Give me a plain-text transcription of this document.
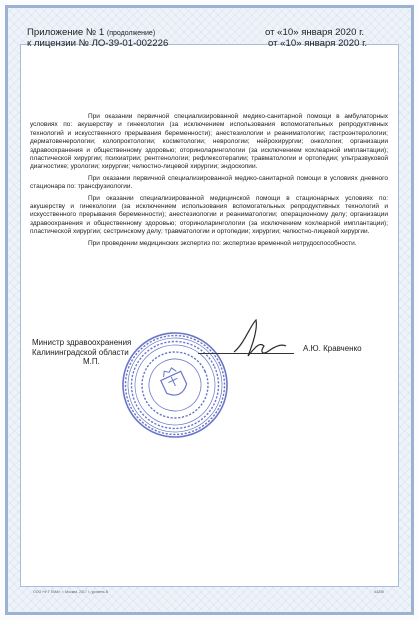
Приложение № 1 (продолжение)
к лицензии № ЛО-39-01-002226
от «10» января 2020 г.
от «10» января 2020 г.

При оказании первичной специализированной медико-санитарной помощи в амбулаторных условиях по: акушерству и гинекологии (за исключением использования вспомогательных репродуктивных технологий и искусственного прерывания беременности); анестезиологии и реаниматологии; гастроэнтерологии; дерматовенерологии; колопроктологии; косметологии; неврологии; нейрохирургии; онкологии; организации здравоохранения и общественному здоровью; оториноларингологии (за исключением кохлеарной имплантации); пластической хирургии; психиатрии; рентгенологии; рефлексотерапии; травматологии и ортопедии; ультразвуковой диагностике; урологии; хирургии; челюстно-лицевой хирургии; эндоскопии.

При оказании первичной специализированной медико-санитарной помощи в условиях дневного стационара по: трансфузиологии.

При оказании специализированной медицинской помощи в стационарных условиях по: акушерству и гинекологии (за исключением использования вспомогательных репродуктивных технологий и искусственного прерывания беременности); анестезиологии и реаниматологии; операционному делу; организации здравоохранения и общественному здоровью; оториноларингологии (за исключением кохлеарной имплантации); пластической хирургии; сестринскому делу; травматологии и ортопедии; хирургии; челюстно-лицевой хирургии.

При проведении медицинских экспертиз по: экспертизе временной нетрудоспособности.

Министр здравоохранения
Калининградской области
М.П.
А.Ю. Кравченко
ООО «Ф Т ЕМА», г. Москва, 2017 г., уровень В	А4255
